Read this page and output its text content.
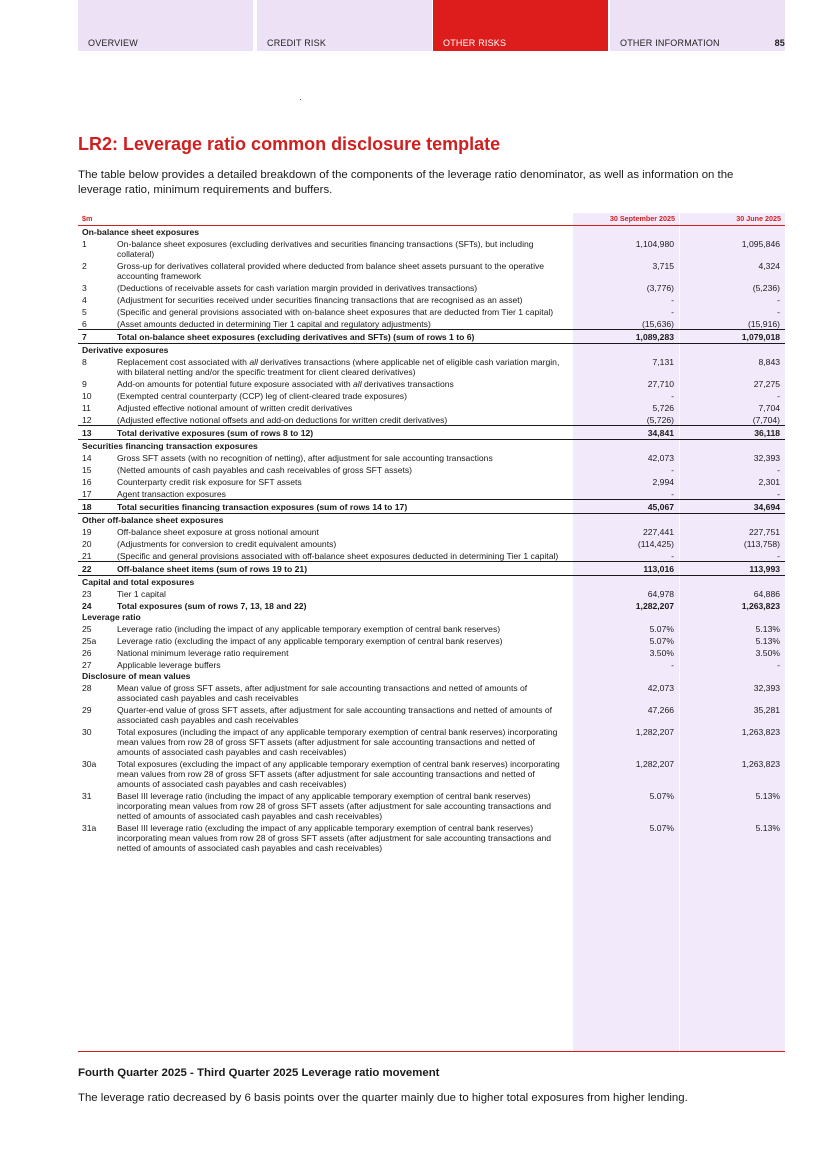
OVERVIEW	CREDIT RISK	OTHER RISKS	OTHER INFORMATION	85
LR2: Leverage ratio common disclosure template

The table below provides a detailed breakdown of the components of the leverage ratio denominator, as well as information on the leverage ratio, minimum requirements and buffers.

$m		30 September 2025	30 June 2025
On-balance sheet exposures			
1	On-balance sheet exposures (excluding derivatives and securities financing transactions (SFTs), but including collateral)	1,104,980	1,095,846
2	Gross-up for derivatives collateral provided where deducted from balance sheet assets pursuant to the operative accounting framework	3,715	4,324
3	(Deductions of receivable assets for cash variation margin provided in derivatives transactions)	(3,776)	(5,236)
4	(Adjustment for securities received under securities financing transactions that are recognised as an asset)	-	-
5	(Specific and general provisions associated with on-balance sheet exposures that are deducted from Tier 1 capital)	-	-
6	(Asset amounts deducted in determining Tier 1 capital and regulatory adjustments)	(15,636)	(15,916)
7	Total on-balance sheet exposures (excluding derivatives and SFTs) (sum of rows 1 to 6)	1,089,283	1,079,018
Derivative exposures			
8	Replacement cost associated with all derivatives transactions (where applicable net of eligible cash variation margin, with bilateral netting and/or the specific treatment for client cleared derivatives)	7,131	8,843
9	Add-on amounts for potential future exposure associated with all derivatives transactions	27,710	27,275
10	(Exempted central counterparty (CCP) leg of client-cleared trade exposures)	-	-
11	Adjusted effective notional amount of written credit derivatives	5,726	7,704
12	(Adjusted effective notional offsets and add-on deductions for written credit derivatives)	(5,726)	(7,704)
13	Total derivative exposures (sum of rows 8 to 12)	34,841	36,118
Securities financing transaction exposures			
14	Gross SFT assets (with no recognition of netting), after adjustment for sale accounting transactions	42,073	32,393
15	(Netted amounts of cash payables and cash receivables of gross SFT assets)	-	-
16	Counterparty credit risk exposure for SFT assets	2,994	2,301
17	Agent transaction exposures	-	-
18	Total securities financing transaction exposures (sum of rows 14 to 17)	45,067	34,694
Other off-balance sheet exposures			
19	Off-balance sheet exposure at gross notional amount	227,441	227,751
20	(Adjustments for conversion to credit equivalent amounts)	(114,425)	(113,758)
21	(Specific and general provisions associated with off-balance sheet exposures deducted in determining Tier 1 capital)	-	-
22	Off-balance sheet items (sum of rows 19 to 21)	113,016	113,993
Capital and total exposures			
23	Tier 1 capital	64,978	64,886
24	Total exposures (sum of rows 7, 13, 18 and 22)	1,282,207	1,263,823
Leverage ratio			
25	Leverage ratio (including the impact of any applicable temporary exemption of central bank reserves)	5.07%	5.13%
25a	Leverage ratio (excluding the impact of any applicable temporary exemption of central bank reserves)	5.07%	5.13%
26	National minimum leverage ratio requirement	3.50%	3.50%
27	Applicable leverage buffers	-	-
Disclosure of mean values			
28	Mean value of gross SFT assets, after adjustment for sale accounting transactions and netted of amounts of associated cash payables and cash receivables	42,073	32,393
29	Quarter-end value of gross SFT assets, after adjustment for sale accounting transactions and netted of amounts of associated cash payables and cash receivables	47,266	35,281
30	Total exposures (including the impact of any applicable temporary exemption of central bank reserves) incorporating mean values from row 28 of gross SFT assets (after adjustment for sale accounting transactions and netted of amounts of associated cash payables and cash receivables)	1,282,207	1,263,823
30a	Total exposures (excluding the impact of any applicable temporary exemption of central bank reserves) incorporating mean values from row 28 of gross SFT assets (after adjustment for sale accounting transactions and netted of amounts of associated cash payables and cash receivables)	1,282,207	1,263,823
31	Basel III leverage ratio (including the impact of any applicable temporary exemption of central bank reserves) incorporating mean values from row 28 of gross SFT assets (after adjustment for sale accounting transactions and netted of amounts of associated cash payables and cash receivables)	5.07%	5.13%
31a	Basel III leverage ratio (excluding the impact of any applicable temporary exemption of central bank reserves) incorporating mean values from row 28 of gross SFT assets (after adjustment for sale accounting transactions and netted of amounts of associated cash payables and cash receivables)	5.07%	5.13%
Fourth Quarter 2025 - Third Quarter 2025 Leverage ratio movement

The leverage ratio decreased by 6 basis points over the quarter mainly due to higher total exposures from higher lending.
